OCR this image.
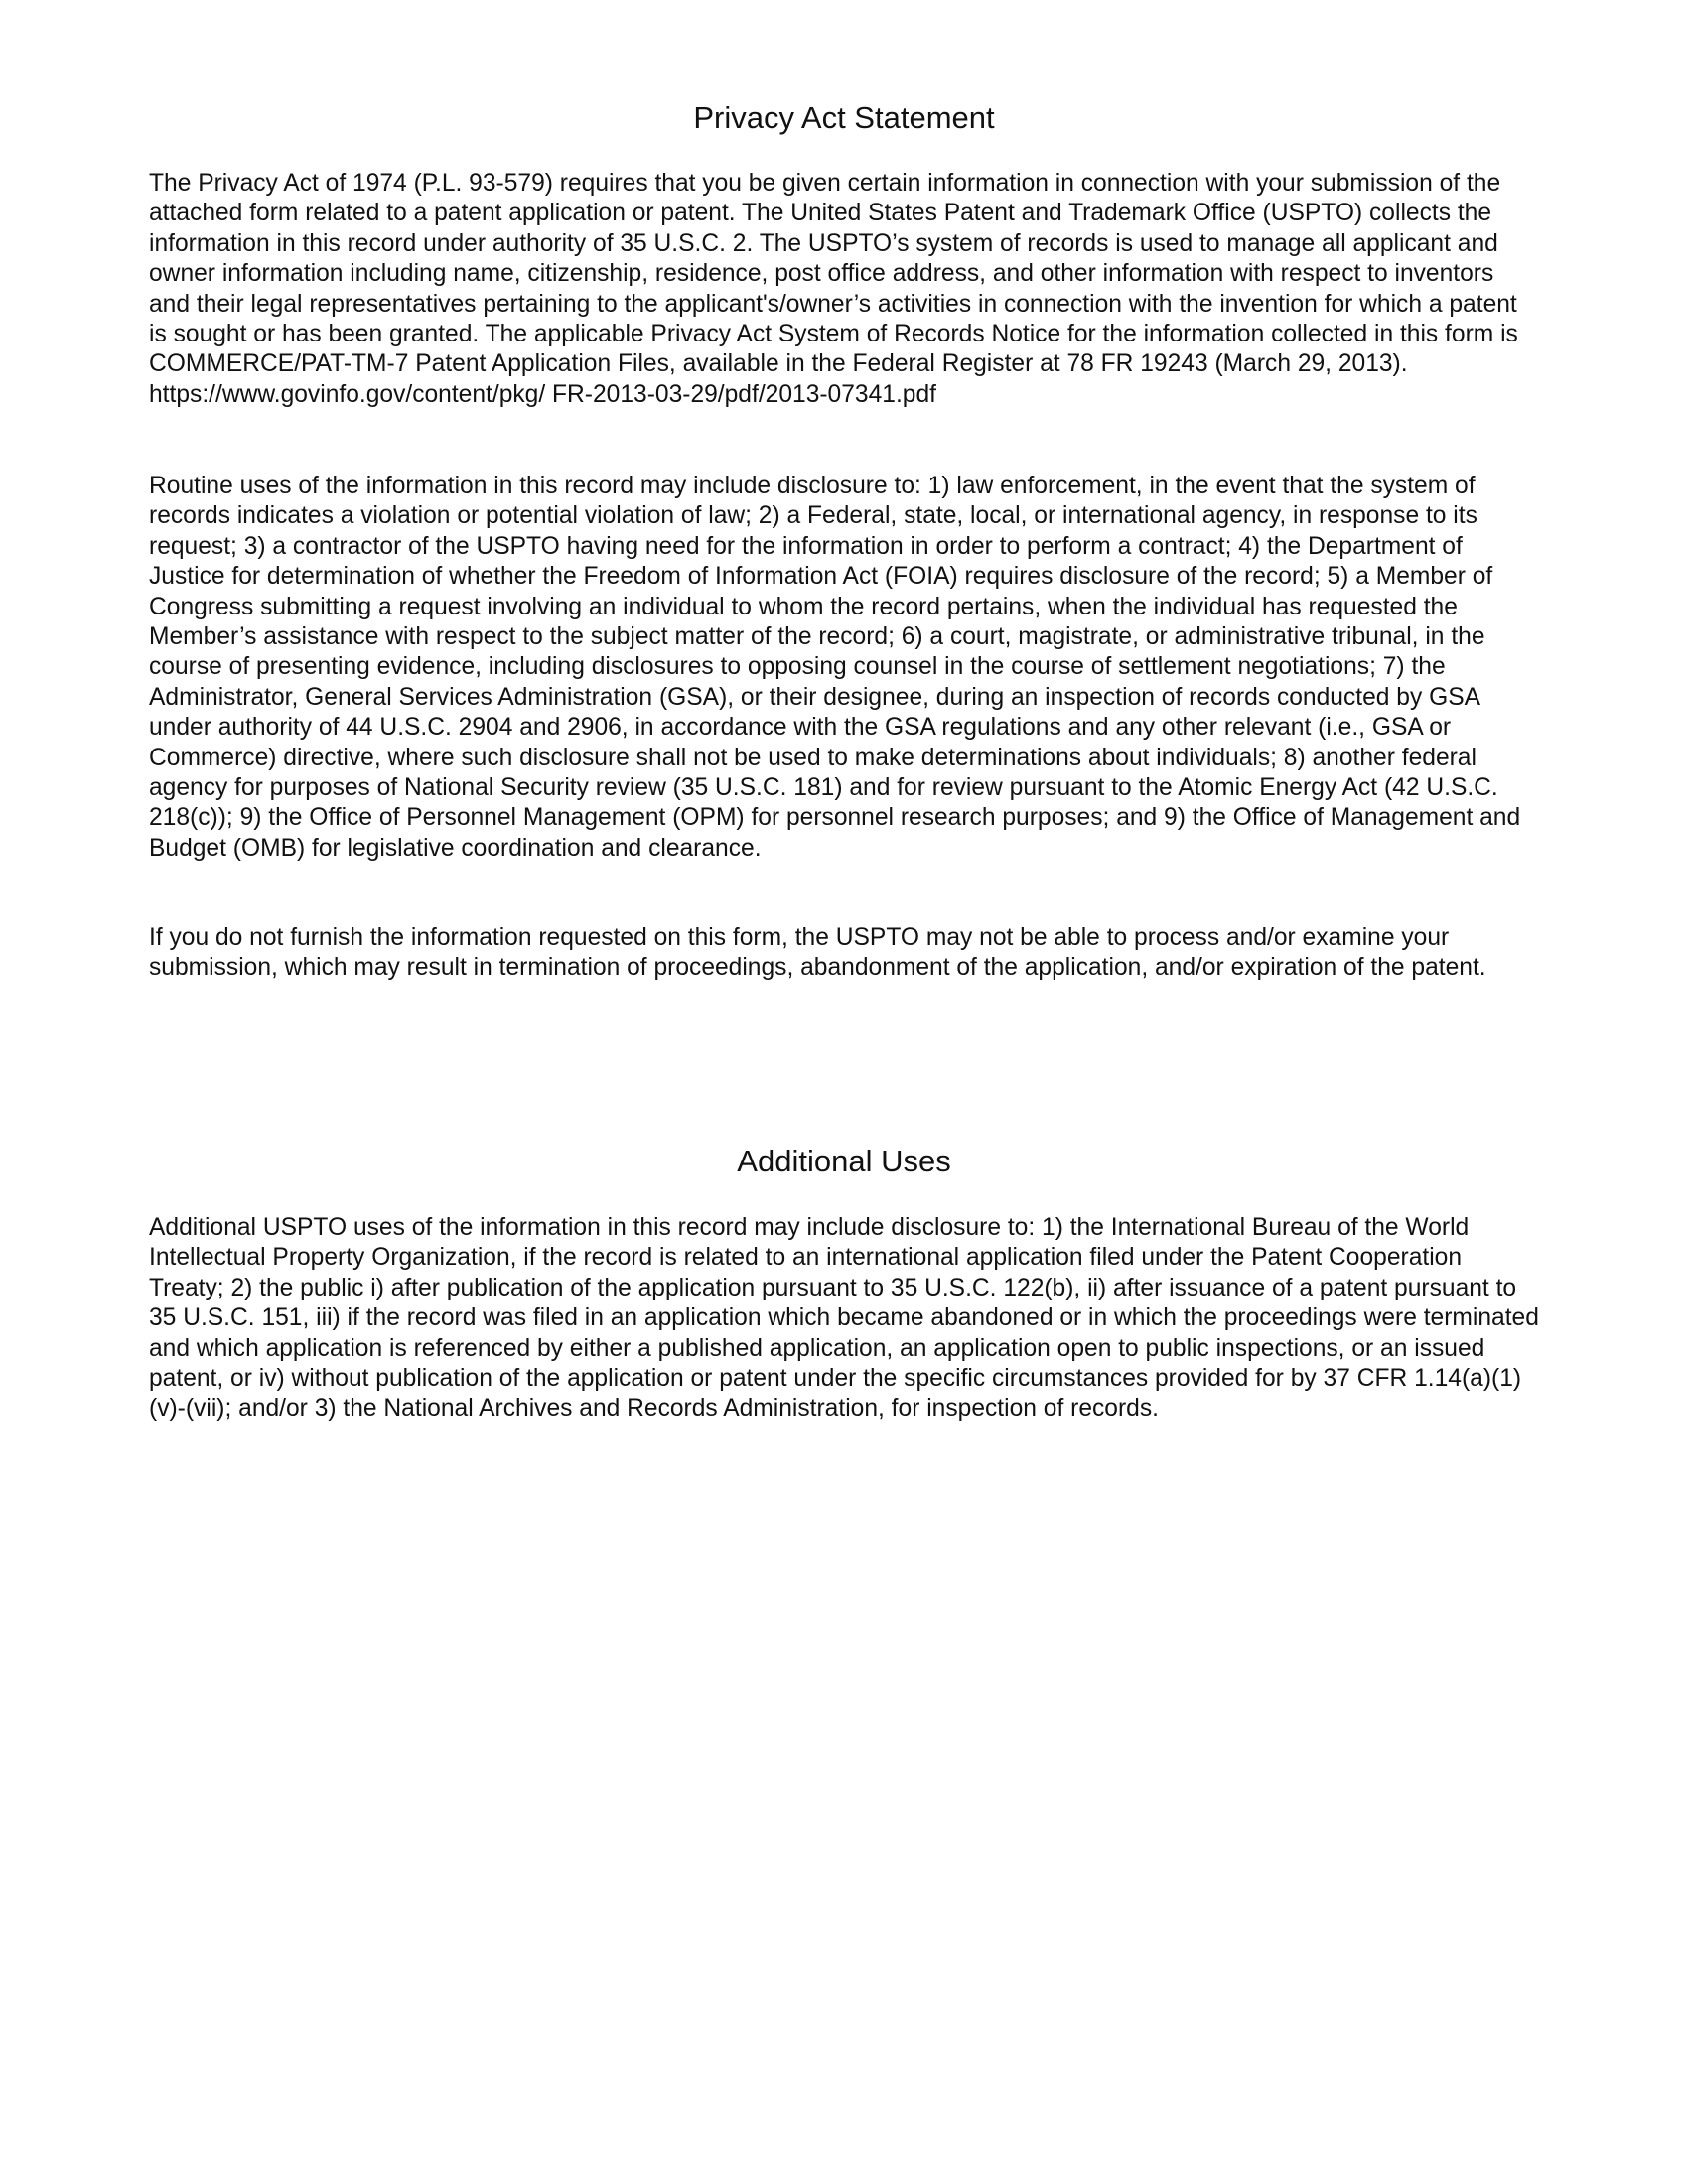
Privacy Act Statement

The Privacy Act of 1974 (P.L. 93-579) requires that you be given certain information in connection with your submission of the attached form related to a patent application or patent. The United States Patent and Trademark Office (USPTO) collects the information in this record under authority of 35 U.S.C. 2. The USPTO’s system of records is used to manage all applicant and owner information including name, citizenship, residence, post office address, and other information with respect to inventors and their legal representatives pertaining to the applicant's/owner’s activities in connection with the invention for which a patent is sought or has been granted. The applicable Privacy Act System of Records Notice for the information collected in this form is COMMERCE/PAT-TM-7 Patent Application Files, available in the Federal Register at 78 FR 19243 (March 29, 2013). https://www.govinfo.gov/content/pkg/ FR-2013-03-29/pdf/2013-07341.pdf

Routine uses of the information in this record may include disclosure to: 1) law enforcement, in the event that the system of records indicates a violation or potential violation of law; 2) a Federal, state, local, or international agency, in response to its request; 3) a contractor of the USPTO having need for the information in order to perform a contract; 4) the Department of Justice for determination of whether the Freedom of Information Act (FOIA) requires disclosure of the record; 5) a Member of Congress submitting a request involving an individual to whom the record pertains, when the individual has requested the Member’s assistance with respect to the subject matter of the record; 6) a court, magistrate, or administrative tribunal, in the course of presenting evidence, including disclosures to opposing counsel in the course of settlement negotiations; 7) the Administrator, General Services Administration (GSA), or their designee, during an inspection of records conducted by GSA under authority of 44 U.S.C. 2904 and 2906, in accordance with the GSA regulations and any other relevant (i.e., GSA or Commerce) directive, where such disclosure shall not be used to make determinations about individuals; 8) another federal agency for purposes of National Security review (35 U.S.C. 181) and for review pursuant to the Atomic Energy Act (42 U.S.C. 218(c)); 9) the Office of Personnel Management (OPM) for personnel research purposes; and 9) the Office of Management and Budget (OMB) for legislative coordination and clearance.

If you do not furnish the information requested on this form, the USPTO may not be able to process and/or examine your submission, which may result in termination of proceedings, abandonment of the application, and/or expiration of the patent.

Additional Uses

Additional USPTO uses of the information in this record may include disclosure to: 1) the International Bureau of the World Intellectual Property Organization, if the record is related to an international application filed under the Patent Cooperation Treaty; 2) the public i) after publication of the application pursuant to 35 U.S.C. 122(b), ii) after issuance of a patent pursuant to 35 U.S.C. 151, iii) if the record was filed in an application which became abandoned or in which the proceedings were terminated and which application is referenced by either a published application, an application open to public inspections, or an issued patent, or iv) without publication of the application or patent under the specific circumstances provided for by 37 CFR 1.14(a)(1)(v)-(vii); and/or 3) the National Archives and Records Administration, for inspection of records.
